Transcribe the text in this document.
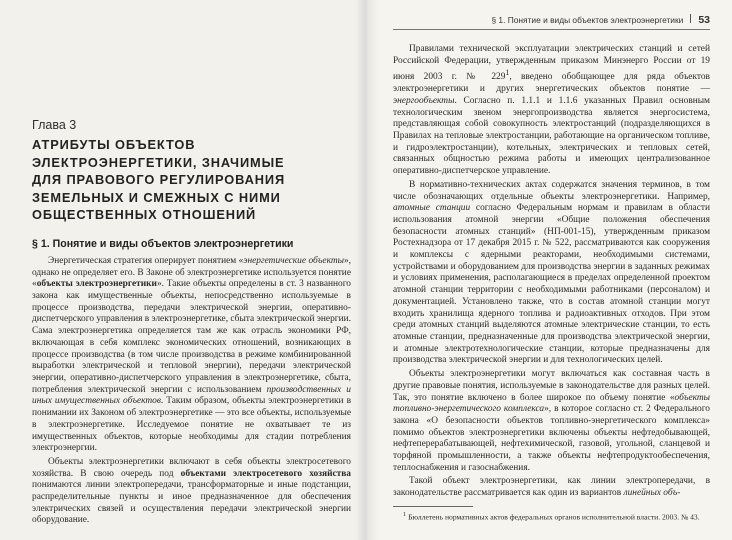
Глава 3
АТРИБУТЫ ОБЪЕКТОВ
ЭЛЕКТРОЭНЕРГЕТИКИ, ЗНАЧИМЫЕ
ДЛЯ ПРАВОВОГО РЕГУЛИРОВАНИЯ
ЗЕМЕЛЬНЫХ И СМЕЖНЫХ С НИМИ
ОБЩЕСТВЕННЫХ ОТНОШЕНИЙ
§ 1. Понятие и виды объектов электроэнергетики

Энергетическая стратегия оперирует понятием «энергетические объекты», однако не определяет его. В Законе об электроэнергетике используется понятие «объекты электроэнергетики». Такие объекты определены в ст. 3 названного закона как имущественные объекты, непосредственно используемые в процессе производства, передачи электрической энергии, оперативно-диспетчерского управления в электроэнергетике, сбыта электрической энергии. Сама электроэнергетика определяется там же как отрасль экономики РФ, включающая в себя комплекс экономических отношений, возникающих в процессе производства (в том числе производства в режиме комбинированной выработки электрической и тепловой энергии), передачи электрической энергии, оперативно-диспетчерского управления в электроэнергетике, сбыта, потребления электрической энергии с использованием производственных и иных имущественных объектов. Таким образом, объекты электроэнергетики в понимании их Законом об электроэнергетике — это все объекты, используемые в электроэнергетике. Исследуемое понятие не охватывает те из имущественных объектов, которые необходимы для стадии потребления электроэнергии.

Объекты электроэнергетики включают в себя объекты электросетевого хозяйства. В свою очередь под объектами электросетевого хозяйства понимаются линии электропередачи, трансформаторные и иные подстанции, распределительные пункты и иное предназначенное для обеспечения электрических связей и осуществления передачи электрической энергии оборудование.

§ 1. Понятие и виды объектов электроэнергетики 53

Правилами технической эксплуатации электрических станций и сетей Российской Федерации, утвержденным приказом Минэнерго России от 19 июня 2003 г. № $229^1$, введено обобщающее для ряда объектов электроэнергетики и других энергетических объектов понятие — энергообъекты. Согласно п. 1.1.1 и 1.1.6 указанных Правил основным технологическим звеном энергопроизводства является энергосистема, представляющая собой совокупность электростанций (подразделяющихся в Правилах на тепловые электростанции, работающие на органическом топливе, и гидроэлектростанции), котельных, электрических и тепловых сетей, связанных общностью режима работы и имеющих централизованное оперативно-диспетчерское управление.

В нормативно-технических актах содержатся значения терминов, в том числе обозначающих отдельные объекты электроэнергетики. Например, атомные станции согласно Федеральным нормам и правилам в области использования атомной энергии «Общие положения обеспечения безопасности атомных станций» (НП-001-15), утвержденным приказом Ростехнадзора от 17 декабря 2015 г. № 522, рассматриваются как сооружения и комплексы с ядерными реакторами, необходимыми системами, устройствами и оборудованием для производства энергии в заданных режимах и условиях применения, располагающиеся в пределах определенной проектом атомной станции территории с необходимыми работниками (персоналом) и документацией. Установлено также, что в состав атомной станции могут входить хранилища ядерного топлива и радиоактивных отходов. При этом среди атомных станций выделяются атомные электрические станции, то есть атомные станции, предназначенные для производства электрической энергии, и атомные электротехнологические станции, которые предназначены для производства электрической энергии и для технологических целей.

Объекты электроэнергетики могут включаться как составная часть в другие правовые понятия, используемые в законодательстве для разных целей. Так, это понятие включено в более широкое по объему понятие «объекты топливно-энергетического комплекса», в которое согласно ст. 2 Федерального закона «О безопасности объектов топливно-энергетического комплекса» помимо объектов электроэнергетики включены объекты нефтедобывающей, нефтеперерабатывающей, нефтехимической, газовой, угольной, сланцевой и торфяной промышленности, а также объекты нефтепродуктообеспечения, теплоснабжения и газоснабжения.

Такой объект электроэнергетики, как линии электропередачи, в законодательстве рассматривается как один из вариантов линейных объ-

$^1$ Бюллетень нормативных актов федеральных органов исполнительной власти. 2003. № 43.
